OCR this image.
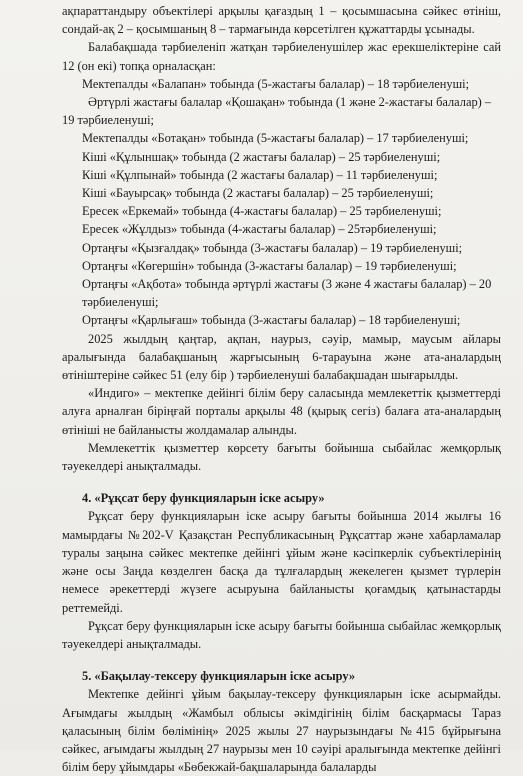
ақпараттандыру объектілері арқылы қағаздың 1 – қосымшасына сәйкес өтініш, сондай-ақ 2 – қосымшаның 8 – тармағында көрсетілген құжаттарды ұсынады.

Балабақшада тәрбиеленіп жатқан тәрбиеленушілер жас ерекшеліктеріне сай 12 (он екі) топқа орналасқан:

Мектепалды «Балапан» тобында (5-жастағы балалар) – 18 тәрбиеленуші;

Әртүрлі жастағы балалар «Қошақан» тобында (1 және 2-жастағы балалар) – 19 тәрбиеленуші;

Мектепалды «Ботақан» тобында (5-жастағы балалар) – 17 тәрбиеленуші;

Кіші «Құлыншақ» тобында (2 жастағы балалар) – 25 тәрбиеленуші;

Кіші «Құлпынай» тобында (2 жастағы балалар) – 11 тәрбиеленуші;

Кіші «Бауырсақ» тобында (2 жастағы балалар) – 25 тәрбиеленуші;

Ересек «Еркемай» тобында (4-жастағы балалар) – 25 тәрбиеленуші;

Ересек «Жұлдыз» тобында (4-жастағы балалар) – 25тәрбиеленуші;

Ортаңғы «Қызғалдақ» тобында (3-жастағы балалар) – 19 тәрбиеленуші;

Ортаңғы «Көгершін» тобында (3-жастағы балалар) – 19 тәрбиеленуші;

Ортаңғы «Ақбота» тобында әртүрлі жастағы (3 және 4 жастағы балалар) – 20 тәрбиеленуші;

Ортаңғы «Қарлығаш» тобында (3-жастағы балалар) – 18 тәрбиеленуші;

2025 жылдың қаңтар, ақпан, наурыз, сәуір, мамыр, маусым айлары аралығында балабақшаның жарғысының 6-тарауына және ата-аналардың өтініштеріне сәйкес 51 (елу бір ) тәрбиеленуші балабақшадан шығарылды.

«Индиго» – мектепке дейінгі білім беру саласында мемлекеттік қызметтерді алуға арналған біріңғай порталы арқылы 48 (қырық сегіз) балаға ата-аналардың өтініші не байланысты жолдамалар алынды.

Мемлекеттік қызметтер көрсету бағыты бойынша сыбайлас жемқорлық тәуекелдері анықталмады.

4. «Рұқсат беру функцияларын іске асыру»

Рұқсат беру функцияларын іске асыру бағыты бойынша 2014 жылғы 16 мамырдағы №202-V Қазақстан Республикасының Рұқсаттар және хабарламалар туралы заңына сәйкес мектепке дейінгі ұйым және кәсіпкерлік субъектілерінің және осы Заңда көзделген басқа да тұлғалардың жекелеген қызмет түрлерін немесе әрекеттерді жүзеге асыруына байланысты қоғамдық қатынастарды реттемейді.

Рұқсат беру функцияларын іске асыру бағыты бойынша сыбайлас жемқорлық тәуекелдері анықталмады.

5. «Бақылау-тексеру функцияларын іске асыру»

Мектепке дейінгі ұйым бақылау-тексеру функцияларын іске асырмайды. Ағымдағы жылдың «Жамбыл облысы әкімдігінің білім басқармасы Тараз қаласының білім бөлімінің» 2025 жылы 27 наурызындағы №415 бұйрығына сәйкес, ағымдағы жылдың 27 наурызы мен 10 сәуірі аралығында мектепке дейінгі білім беру ұйымдары «Бөбекжай-бақшаларында балаларды
